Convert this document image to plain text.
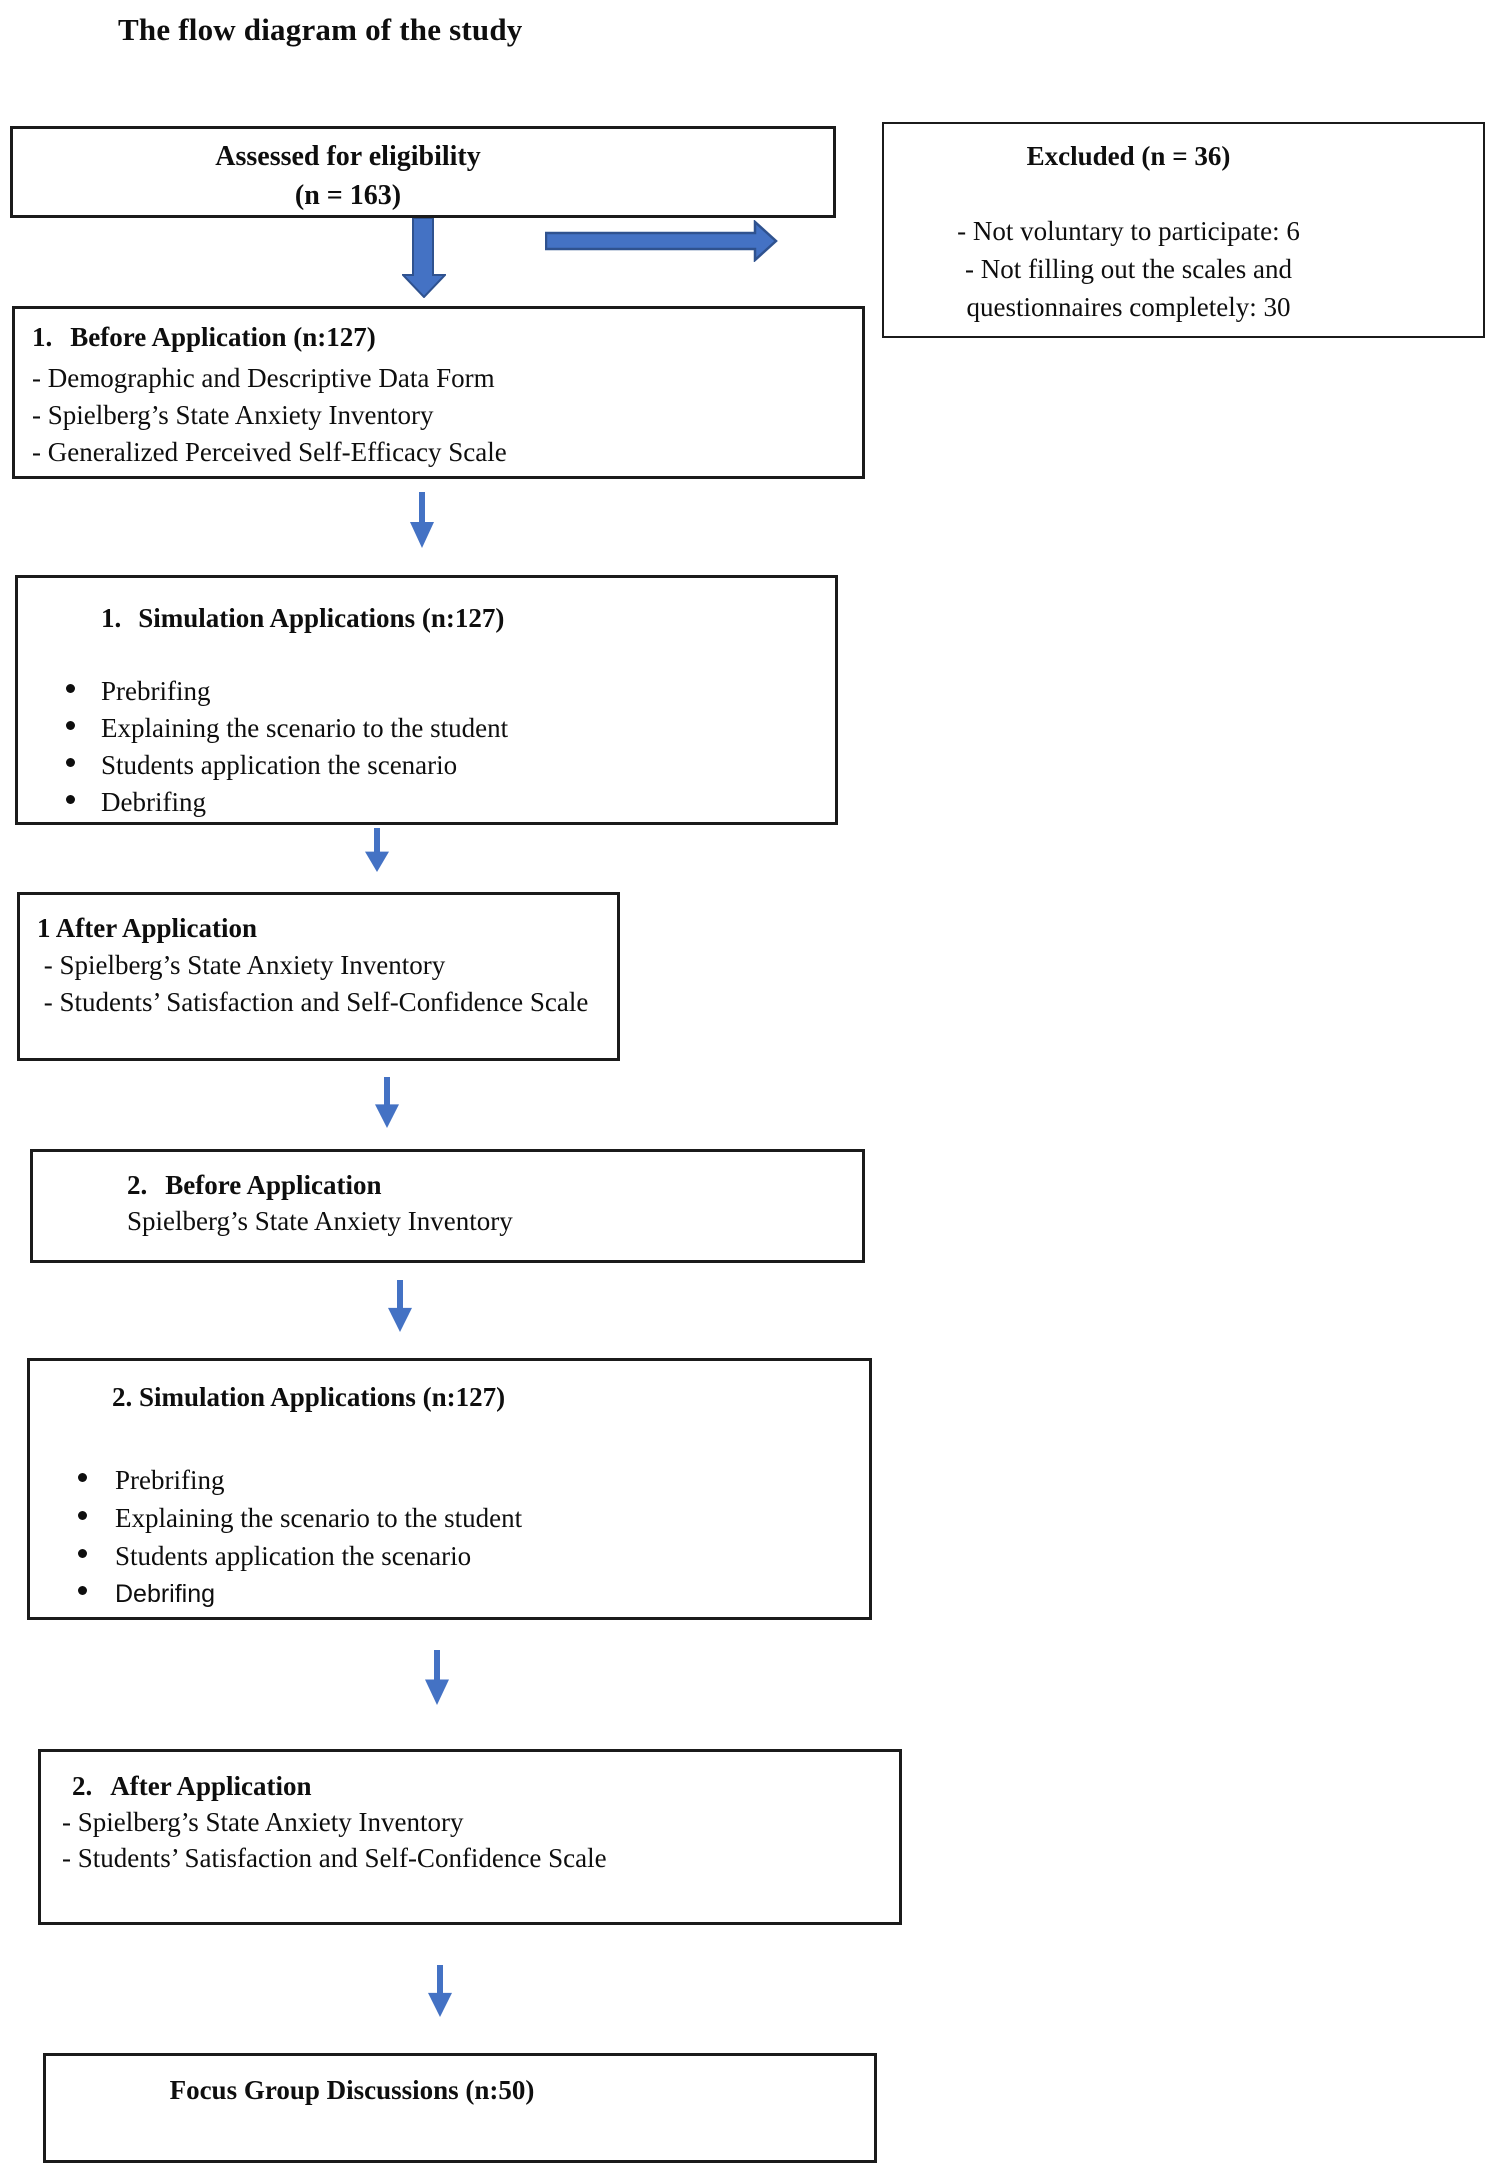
The flow diagram of the study
Assessed for eligibility
(n = 163)
Excluded (n = 36)
- Not voluntary to participate: 6
- Not filling out the scales and
questionnaires completely: 30
1. Before Application (n:127)
- Demographic and Descriptive Data Form
- Spielberg’s State Anxiety Inventory
- Generalized Perceived Self-Efficacy Scale
1. Simulation Applications (n:127)
Prebrifing
Explaining the scenario to the student
Students application the scenario
Debrifing
1 After Application
- Spielberg’s State Anxiety Inventory
- Students’ Satisfaction and Self-Confidence Scale
2. Before Application
Spielberg’s State Anxiety Inventory
2. Simulation Applications (n:127)
Prebrifing
Explaining the scenario to the student
Students application the scenario
Debrifing
2. After Application
- Spielberg’s State Anxiety Inventory
- Students’ Satisfaction and Self-Confidence Scale
Focus Group Discussions (n:50)
